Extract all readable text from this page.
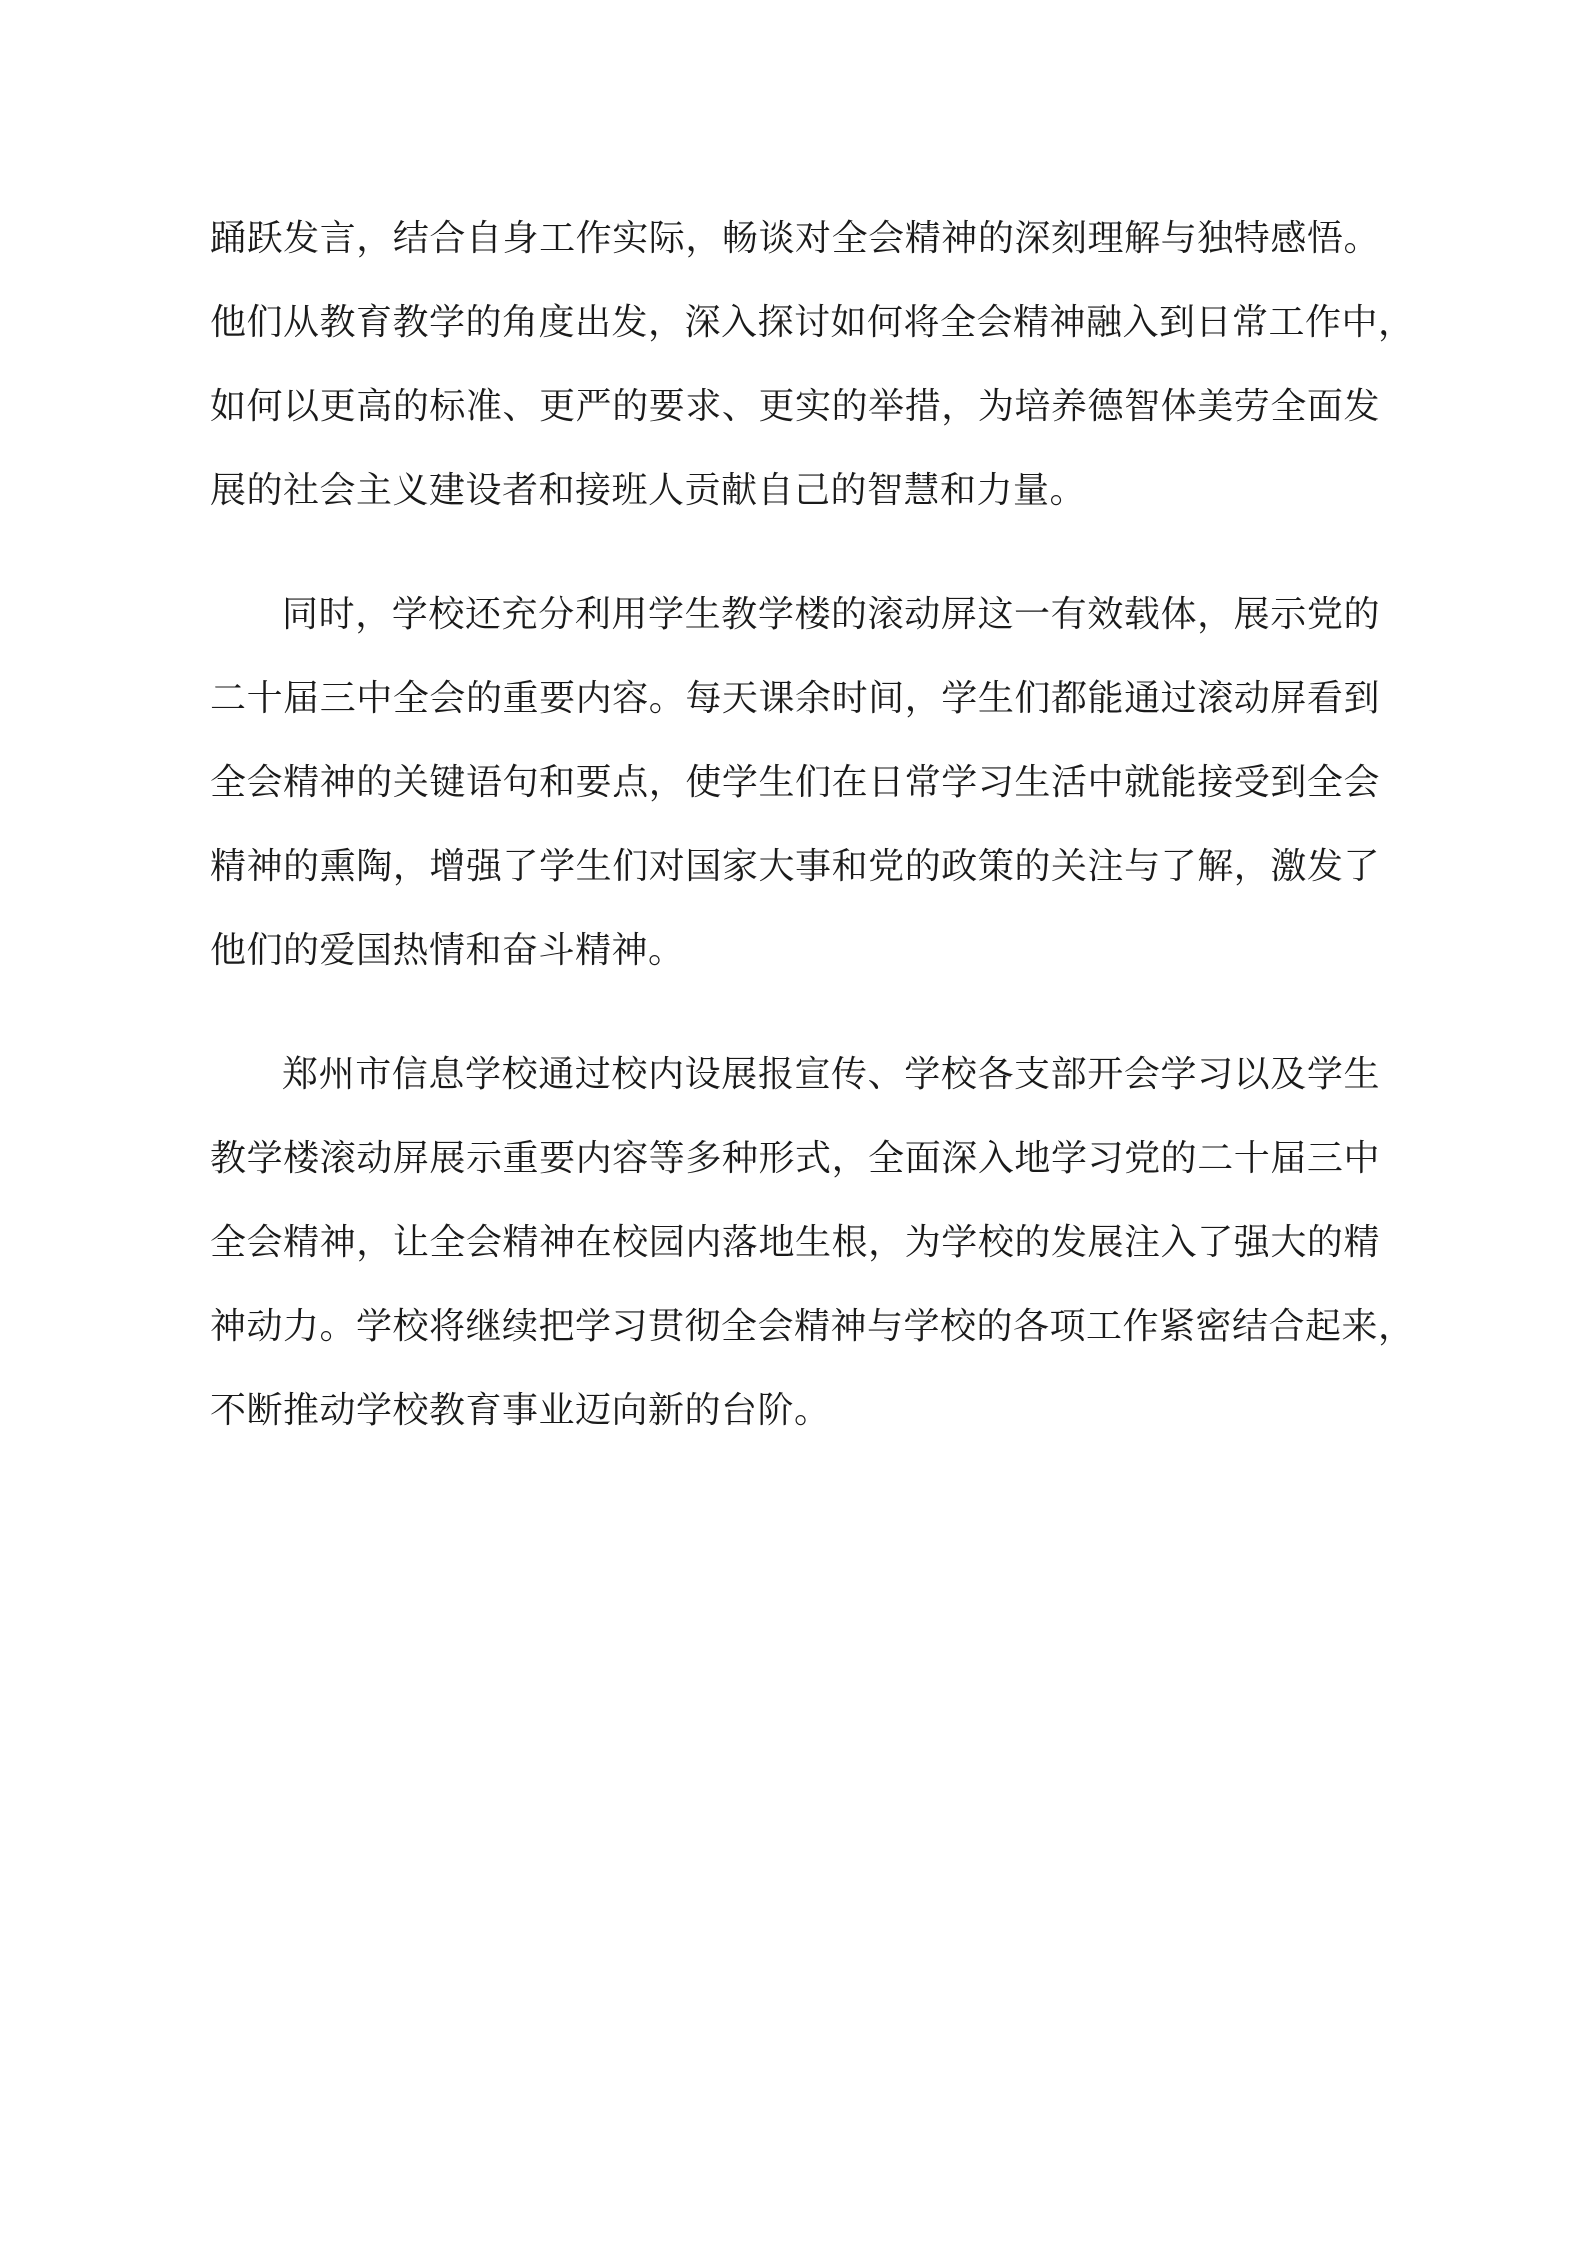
踊跃发言，结合自身工作实际，畅谈对全会精神的深刻理解与独特感悟。
他们从教育教学的角度出发，深入探讨如何将全会精神融入到日常工作中，
如何以更高的标准、更严的要求、更实的举措，为培养德智体美劳全面发
展的社会主义建设者和接班人贡献自己的智慧和力量。

同时，学校还充分利用学生教学楼的滚动屏这一有效载体，展示党的
二十届三中全会的重要内容。每天课余时间，学生们都能通过滚动屏看到
全会精神的关键语句和要点，使学生们在日常学习生活中就能接受到全会
精神的熏陶，增强了学生们对国家大事和党的政策的关注与了解，激发了
他们的爱国热情和奋斗精神。

郑州市信息学校通过校内设展报宣传、学校各支部开会学习以及学生
教学楼滚动屏展示重要内容等多种形式，全面深入地学习党的二十届三中
全会精神，让全会精神在校园内落地生根，为学校的发展注入了强大的精
神动力。学校将继续把学习贯彻全会精神与学校的各项工作紧密结合起来，
不断推动学校教育事业迈向新的台阶。
